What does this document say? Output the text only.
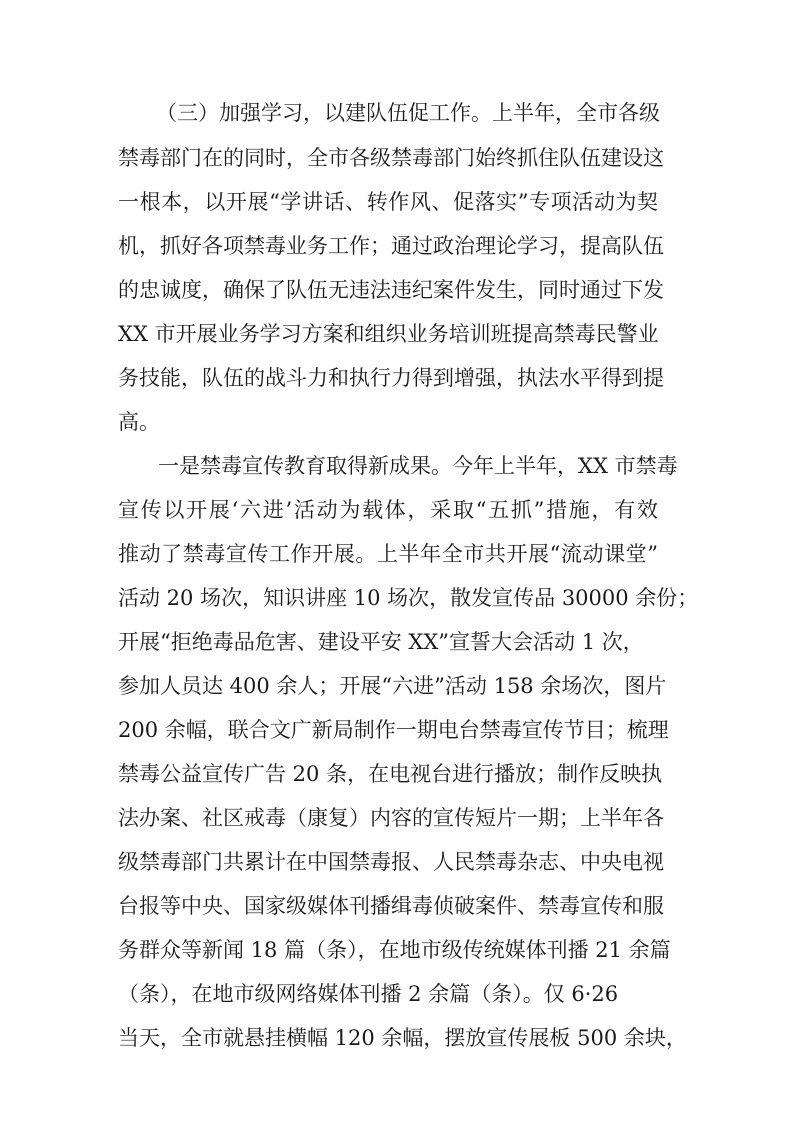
（三）加强学习，以建队伍促工作。上半年，全市各级

禁毒部门在的同时，全市各级禁毒部门始终抓住队伍建设这

一根本，以开展“学讲话、转作风、促落实”专项活动为契

机，抓好各项禁毒业务工作；通过政治理论学习，提高队伍

的忠诚度，确保了队伍无违法违纪案件发生，同时通过下发

XX 市开展业务学习方案和组织业务培训班提高禁毒民警业

务技能，队伍的战斗力和执行力得到增强，执法水平得到提

高。

一是禁毒宣传教育取得新成果。今年上半年，XX 市禁毒

宣传以开展‘六进’活动为载体，采取“五抓”措施，有效

推动了禁毒宣传工作开展。上半年全市共开展“流动课堂”

活动 20 场次，知识讲座 10 场次，散发宣传品 30000 余份；

开展“拒绝毒品危害、建设平安 XX”宣誓大会活动 1 次，

参加人员达 400 余人；开展“六进”活动 158 余场次，图片

200 余幅，联合文广新局制作一期电台禁毒宣传节目；梳理

禁毒公益宣传广告 20 条，在电视台进行播放；制作反映执

法办案、社区戒毒（康复）内容的宣传短片一期；上半年各

级禁毒部门共累计在中国禁毒报、人民禁毒杂志、中央电视

台报等中央、国家级媒体刊播缉毒侦破案件、禁毒宣传和服

务群众等新闻 18 篇（条），在地市级传统媒体刊播 21 余篇

（条），在地市级网络媒体刊播 2 余篇（条）。仅 6·26

当天，全市就悬挂横幅 120 余幅，摆放宣传展板 500 余块，
